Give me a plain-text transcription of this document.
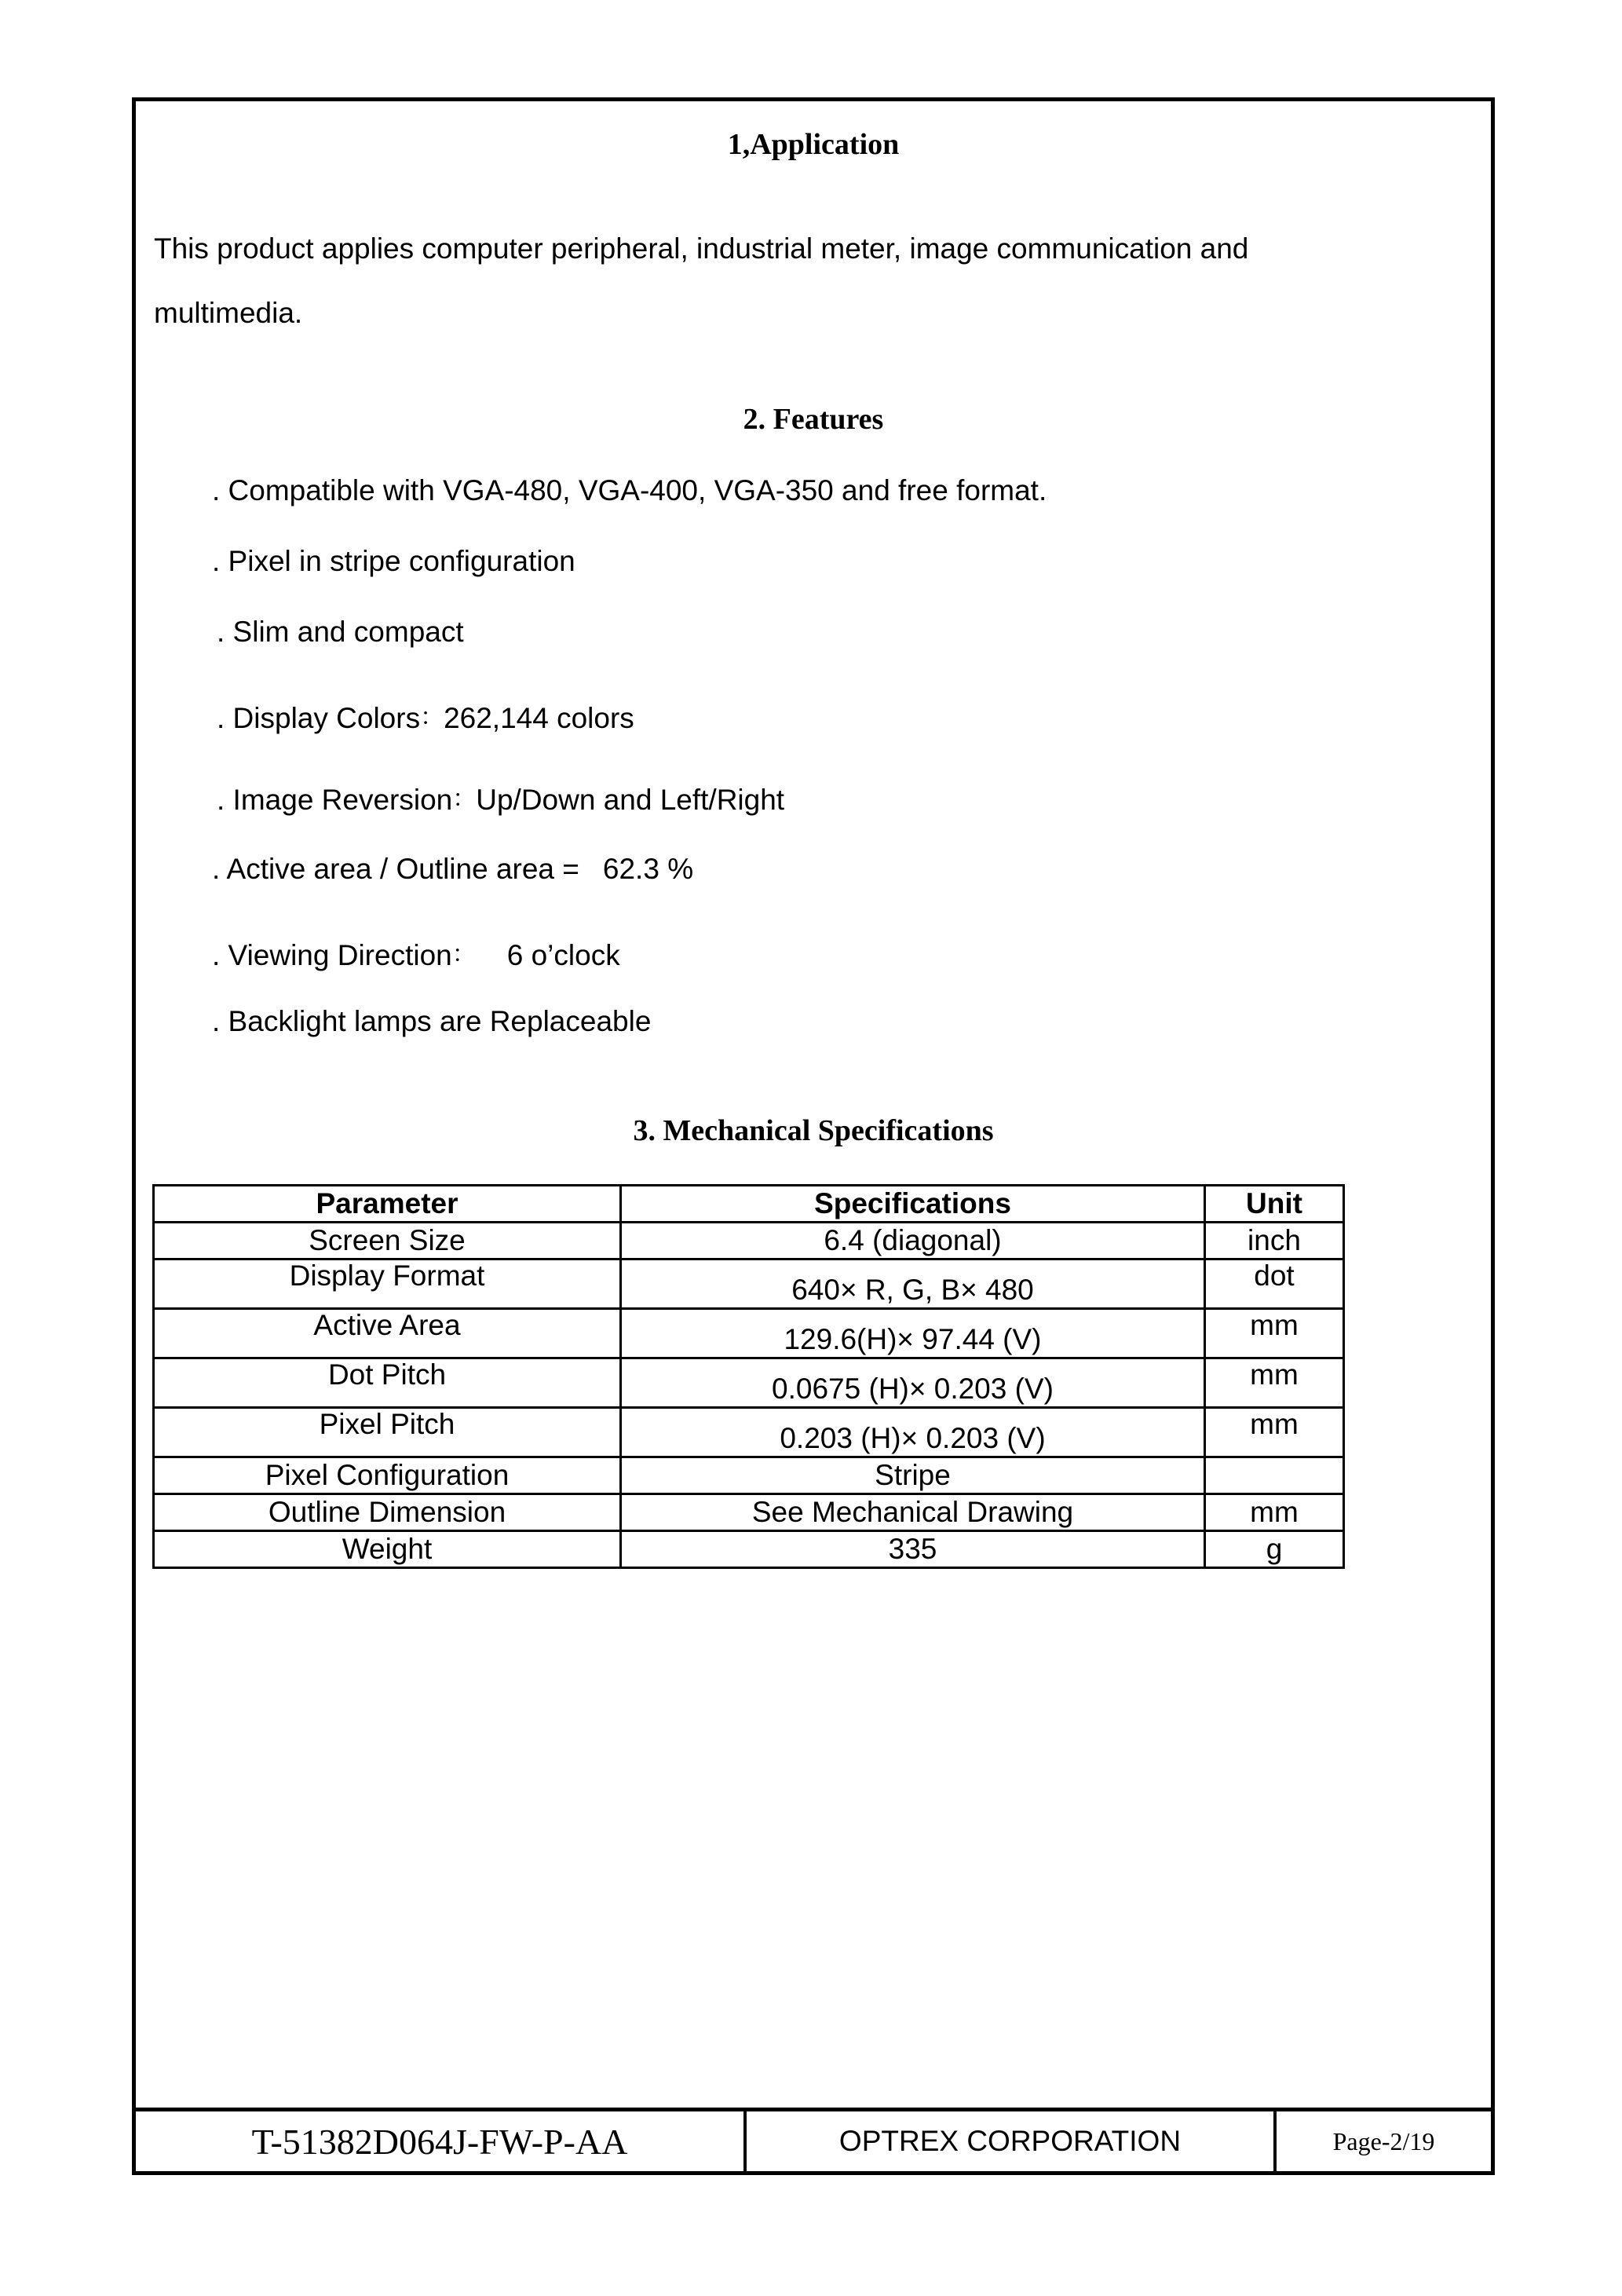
1,Application
This product applies computer peripheral, industrial meter, image communication and
multimedia.
2. Features
. Compatible with VGA-480, VGA-400, VGA-350 and free format.
. Pixel in stripe configuration
. Slim and compact
. Display Colors：262,144 colors
. Image Reversion：Up/Down and Left/Right
. Active area / Outline area = 62.3 %
. Viewing Direction： 6 o’clock
. Backlight lamps are Replaceable
3. Mechanical Specifications
Parameter	Specifications	Unit
Screen Size	6.4 (diagonal)	inch
Display Format	640× R, G, B× 480	dot
Active Area	129.6(H)× 97.44 (V)	mm
Dot Pitch	0.0675 (H)× 0.203 (V)	mm
Pixel Pitch	0.203 (H)× 0.203 (V)	mm
Pixel Configuration	Stripe	
Outline Dimension	See Mechanical Drawing	mm
Weight	335	g
T-51382D064J-FW-P-AA	OPTREX CORPORATION	Page-2/19
